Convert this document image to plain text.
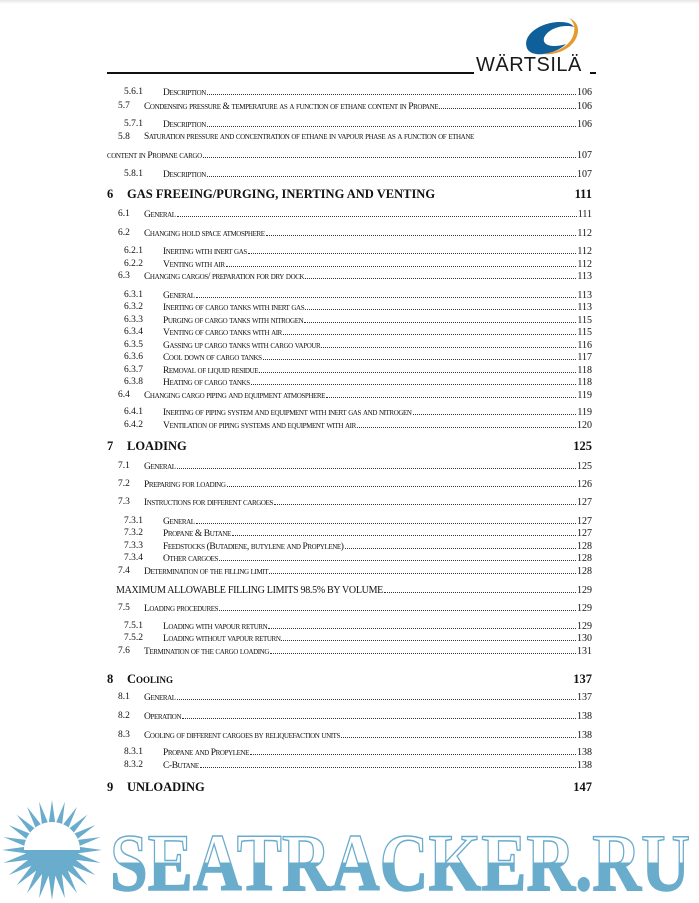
WÄRTSILÄ
5.6.1 Description	106
5.7 Condensing pressure & temperature as a function of ethane content in Propane	106
5.7.1 Description	106
5.8 Saturation pressure and concentration of ethane in vapour phase as a function of ethane
content in Propane cargo	107
5.8.1 Description	107
6 GAS FREEING/PURGING, INERTING AND VENTING	111
6.1 General	111
6.2 Changing hold space atmosphere	112
6.2.1 Inerting with inert gas	112
6.2.2 Venting with air	112
6.3 Changing cargos/ preparation for dry dock	113
6.3.1 General	113
6.3.2 Inerting of cargo tanks with inert gas	113
6.3.3 Purging of cargo tanks with nitrogen	115
6.3.4 Venting of cargo tanks with air	115
6.3.5 Gassing up cargo tanks with cargo vapour	116
6.3.6 Cool down of cargo tanks	117
6.3.7 Removal of liquid residue	118
6.3.8 Heating of cargo tanks	118
6.4 Changing cargo piping and equipment atmosphere	119
6.4.1 Inerting of piping system and equipment with inert gas and nitrogen	119
6.4.2 Ventilation of piping systems and equipment with air	120
7 LOADING	125
7.1 General	125
7.2 Preparing for loading	126
7.3 Instructions for different cargoes	127
7.3.1 General	127
7.3.2 Propane & Butane	127
7.3.3 Feedstocks (Butadiene, butylene and Propylene)	128
7.3.4 Other cargoes	128
7.4 Determination of the filling limit	128
MAXIMUM ALLOWABLE FILLING LIMITS 98.5% BY VOLUME	129
7.5 Loading procedures	129
7.5.1 Loading with vapour return	129
7.5.2 Loading without vapour return	130
7.6 Termination of the cargo loading	131
8 Cooling	137
8.1 General	137
8.2 Operation	138
8.3 Cooling of different cargoes by reliquefaction units	138
8.3.1 Propane and Propylene	138
8.3.2 C-Butane	138
9 UNLOADING	147
SEATRACKER.RU
